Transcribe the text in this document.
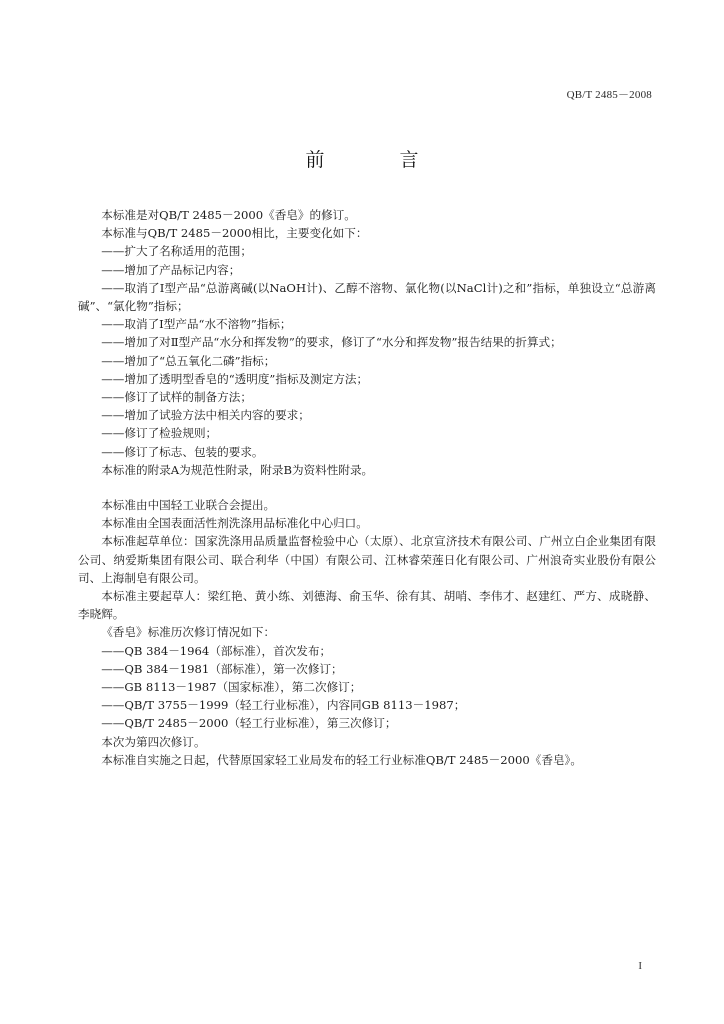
QB/T 2485－2008
前　言

本标准是对QB/T 2485－2000《香皂》的修订。

本标准与QB/T 2485－2000相比，主要变化如下：

——扩大了名称适用的范围；

——增加了产品标记内容；

——取消了Ⅰ型产品“总游离碱(以NaOH计)、乙醇不溶物、氯化物(以NaCl计)之和”指标，单独设立“总游离碱”、“氯化物”指标；

——取消了Ⅰ型产品“水不溶物”指标；

——增加了对Ⅱ型产品“水分和挥发物”的要求，修订了“水分和挥发物”报告结果的折算式；

——增加了“总五氧化二磷”指标；

——增加了透明型香皂的“透明度”指标及测定方法；

——修订了试样的制备方法；

——增加了试验方法中相关内容的要求；

——修订了检验规则；

——修订了标志、包装的要求。

本标准的附录A为规范性附录，附录B为资料性附录。

本标准由中国轻工业联合会提出。

本标准由全国表面活性剂洗涤用品标准化中心归口。

本标准起草单位：国家洗涤用品质量监督检验中心（太原）、北京宣济技术有限公司、广州立白企业集团有限公司、纳爱斯集团有限公司、联合利华（中国）有限公司、江林睿荣莲日化有限公司、广州浪奇实业股份有限公司、上海制皂有限公司。

本标准主要起草人：梁红艳、黄小练、刘德海、俞玉华、徐有其、胡哨、李伟才、赵建红、严方、成晓静、李晓辉。

《香皂》标准历次修订情况如下：

——QB 384－1964（部标准），首次发布；

——QB 384－1981（部标准），第一次修订；

——GB 8113－1987（国家标准），第二次修订；

——QB/T 3755－1999（轻工行业标准），内容同GB 8113－1987；

——QB/T 2485－2000（轻工行业标准），第三次修订；

本次为第四次修订。

本标准自实施之日起，代替原国家轻工业局发布的轻工行业标准QB/T 2485－2000《香皂》。

I
